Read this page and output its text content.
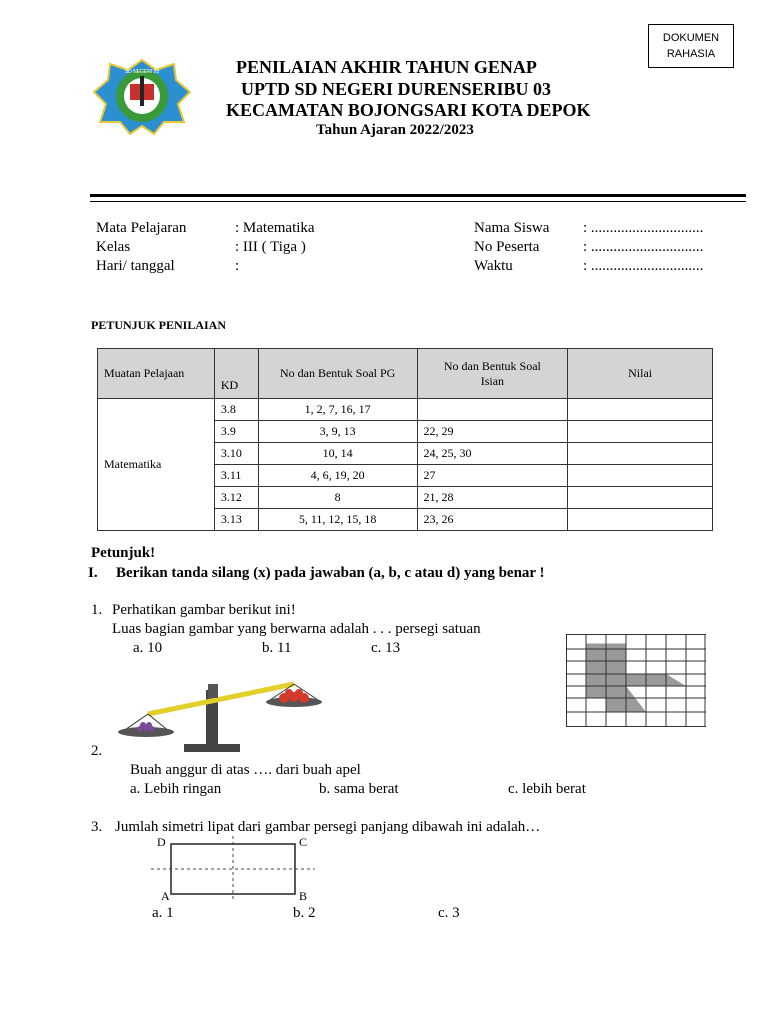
DOKUMEN
RAHASIA
SD NEGERI 03	PENILAIAN AKHIR TAHUN GENAP
UPTD SD NEGERI DURENSERIBU 03
KECAMATAN BOJONGSARI KOTA DEPOK
Tahun Ajaran 2022/2023
Mata Pelajaran	: Matematika
Kelas	: III ( Tiga )
Hari/ tanggal	:
Nama Siswa : ..............................
No Peserta	: ..............................
Waktu	: ..............................
PETUNJUK PENILAIAN
Muatan Pelajaan	KD	No dan Bentuk Soal PG	No dan Bentuk Soal Isian	Nilai
Matematika	3.8	1, 2, 7, 16, 17		
	3.9	3, 9, 13	22, 29	
	3.10	10, 14	24, 25, 30	
	3.11	4, 6, 19, 20	27	
	3.12	8	21, 28	
	3.13	5, 11, 12, 15, 18	23, 26	
Petunjuk!
I. Berikan tanda silang (x) pada jawaban (a, b, c atau d) yang benar !
1. Perhatikan gambar berikut ini!
Luas bagian gambar yang berwarna adalah . . . persegi satuan
a. 10	b. 11	c. 13
2.
Buah anggur di atas …. dari buah apel
a. Lebih ringan	b. sama berat	c. lebih berat
3. Jumlah simetri lipat dari gambar persegi panjang dibawah ini adalah…
D	C
A	B
a. 1	b. 2	c. 3
